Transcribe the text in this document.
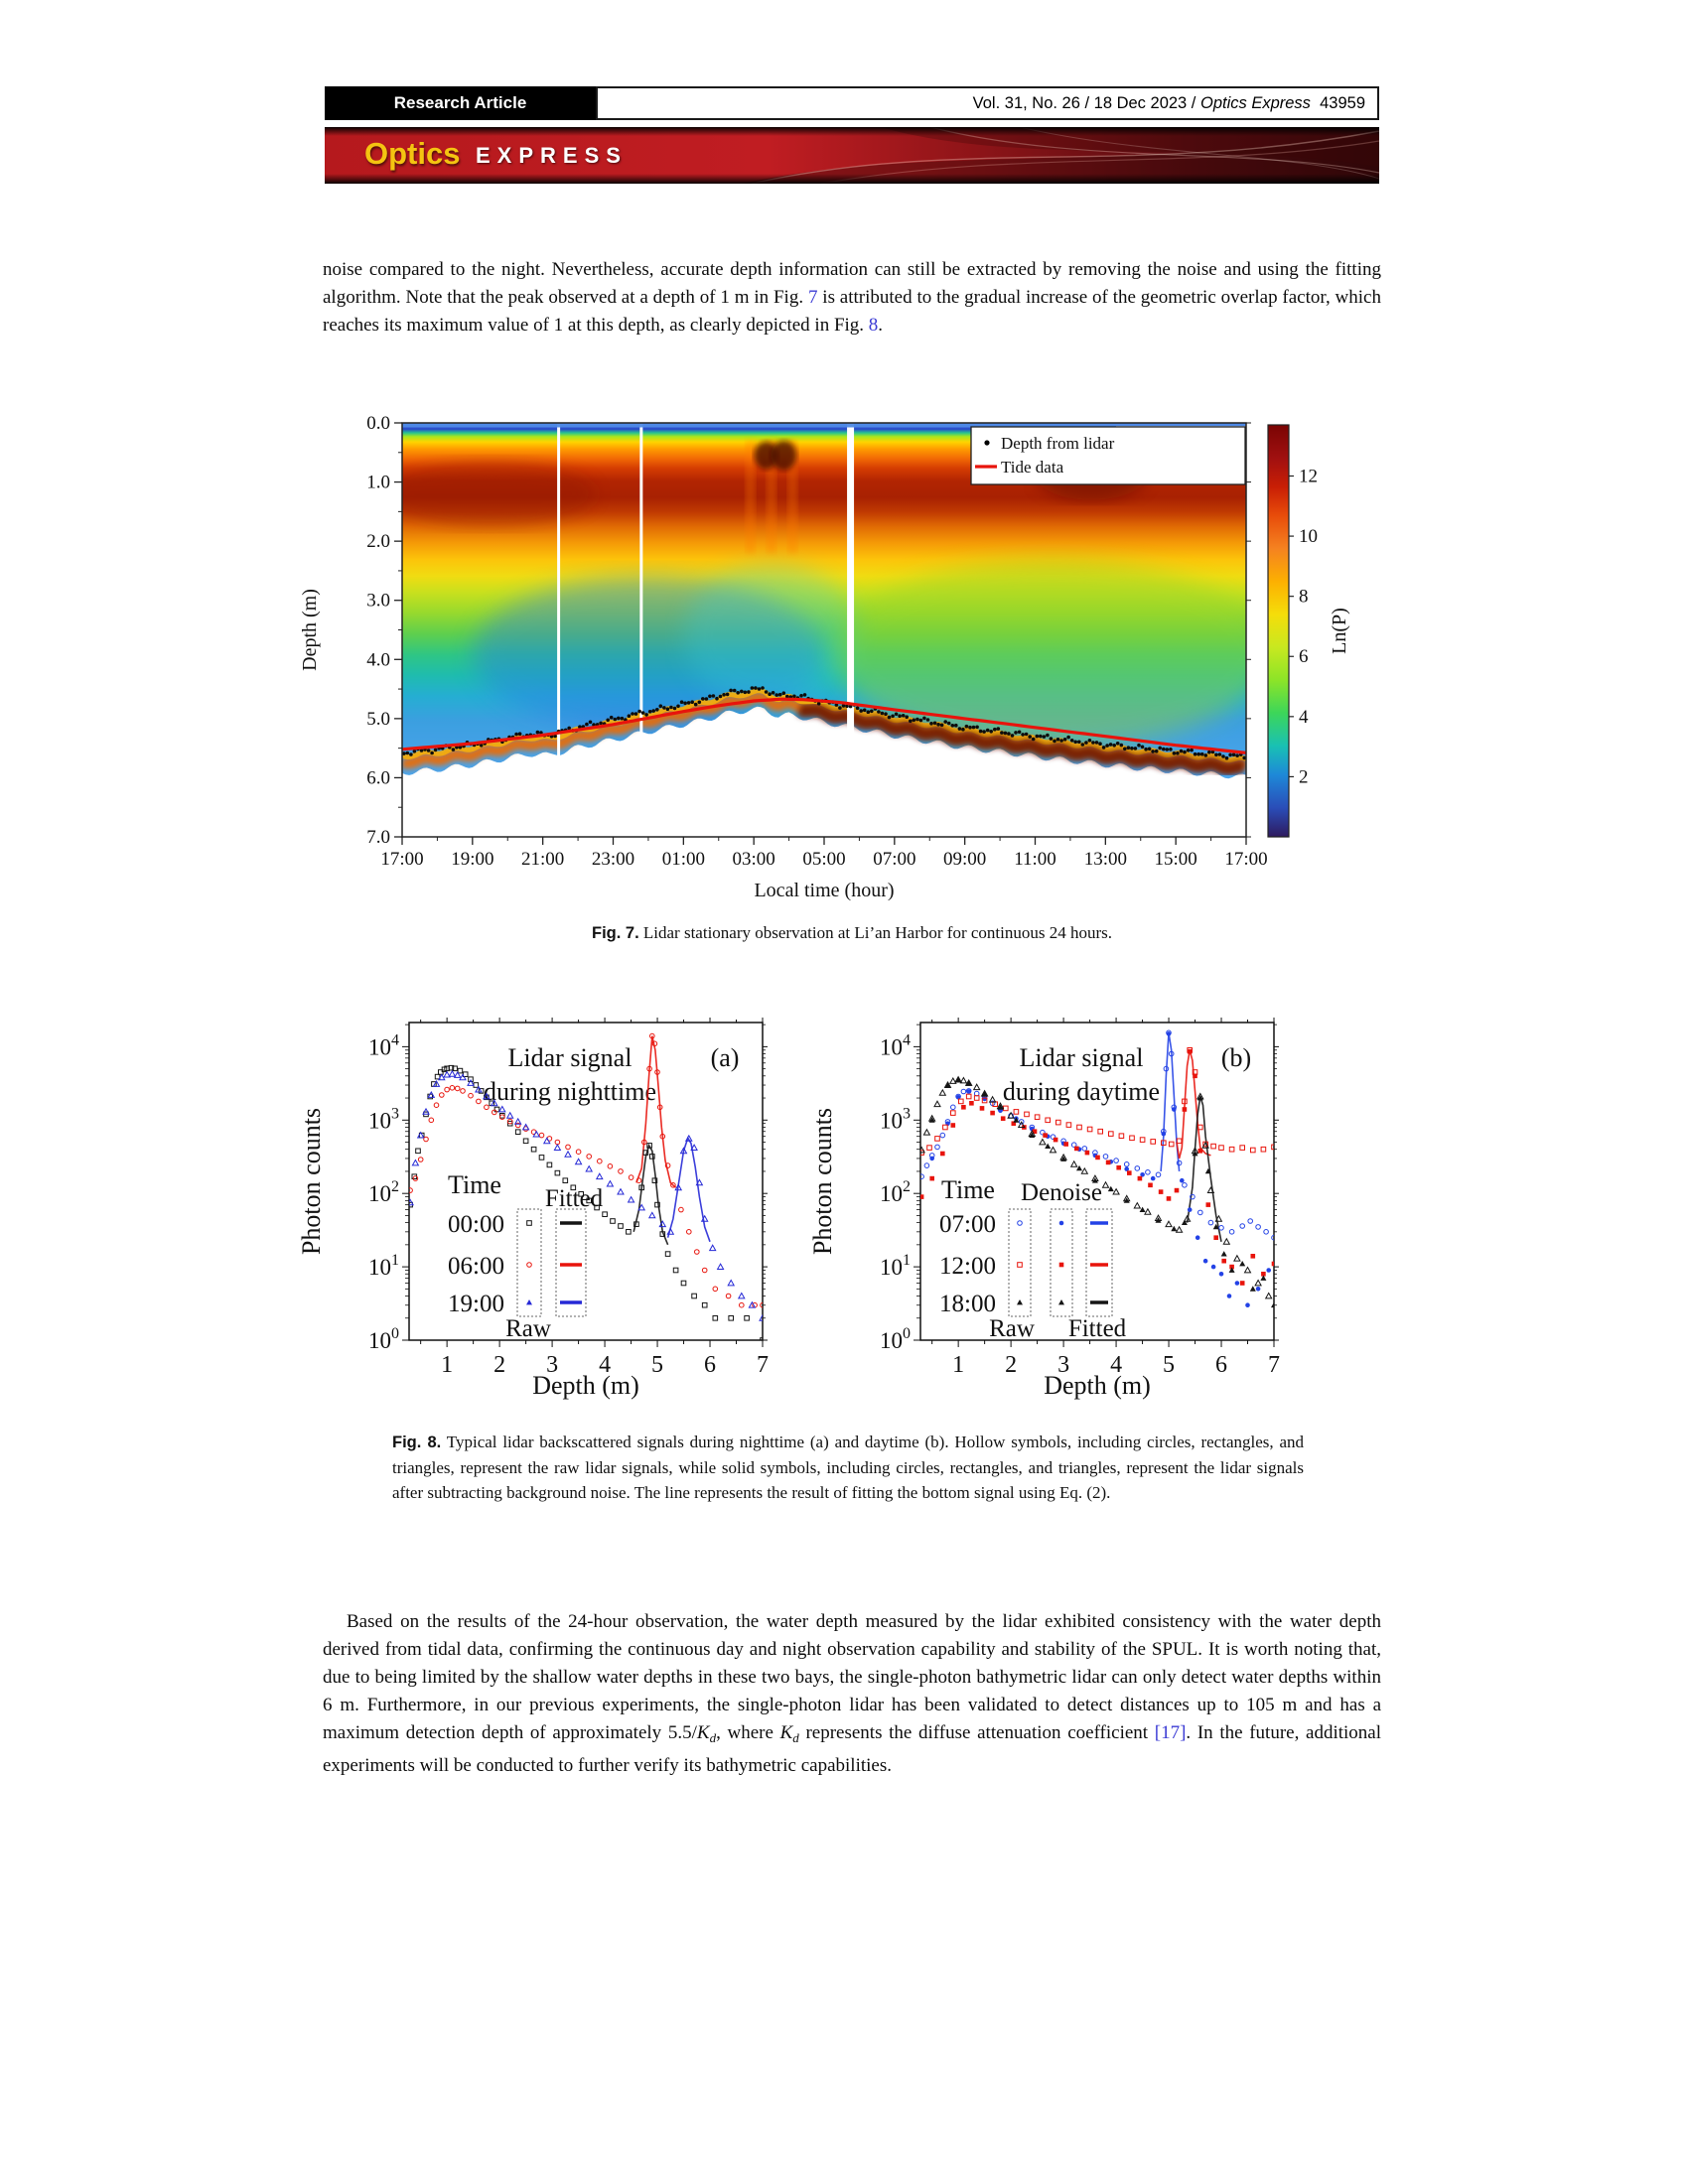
Research Article	Vol. 31, No. 26 / 18 Dec 2023 / Optics Express 43959
Optics EXPRESS
noise compared to the night. Nevertheless, accurate depth information can still be extracted by removing the noise and using the fitting algorithm. Note that the peak observed at a depth of 1 m in Fig. 7 is attributed to the gradual increase of the geometric overlap factor, which reaches its maximum value of 1 at this depth, as clearly depicted in Fig. 8.
0.0
1.0
2.0
3.0
4.0
5.0
6.0
7.0
17:00 19:00 21:00 23:00 01:00 03:00 05:00 07:00 09:00 11:00 13:00 15:00 17:00
Local time (hour)
Depth (m)
Depth from lidar
Tide data
2
4
6
8
10
12
Ln(P)
Fig. 7. Lidar stationary observation at Li’an Harbor for continuous 24 hours.
1 2 3 4 5 6 7
$10^0$
$10^1$
$10^2$
$10^3$
$10^4$
Depth (m)
Photon counts
Lidar signal
during nighttime
(a)
Time
00:00
06:00
19:00
Fitted
Raw
1 2 3 4 5 6 7
$10^0$
$10^1$
$10^2$
$10^3$
$10^4$
Depth (m)
Photon counts
Lidar signal
during daytime
(b)
Time
07:00
12:00
18:00
Denoise
Raw Fitted
Fig. 8. Typical lidar backscattered signals during nighttime (a) and daytime (b). Hollow symbols, including circles, rectangles, and triangles, represent the raw lidar signals, while solid symbols, including circles, rectangles, and triangles, represent the lidar signals after subtracting background noise. The line represents the result of fitting the bottom signal using Eq. (2).
Based on the results of the 24-hour observation, the water depth measured by the lidar exhibited consistency with the water depth derived from tidal data, confirming the continuous day and night observation capability and stability of the SPUL. It is worth noting that, due to being limited by the shallow water depths in these two bays, the single-photon bathymetric lidar can only detect water depths within 6 m. Furthermore, in our previous experiments, the single-photon lidar has been validated to detect distances up to 105 m and has a maximum detection depth of approximately $5.5/K_d$, where $K_d$ represents the diffuse attenuation coefficient [17]. In the future, additional experiments will be conducted to further verify its bathymetric capabilities.
